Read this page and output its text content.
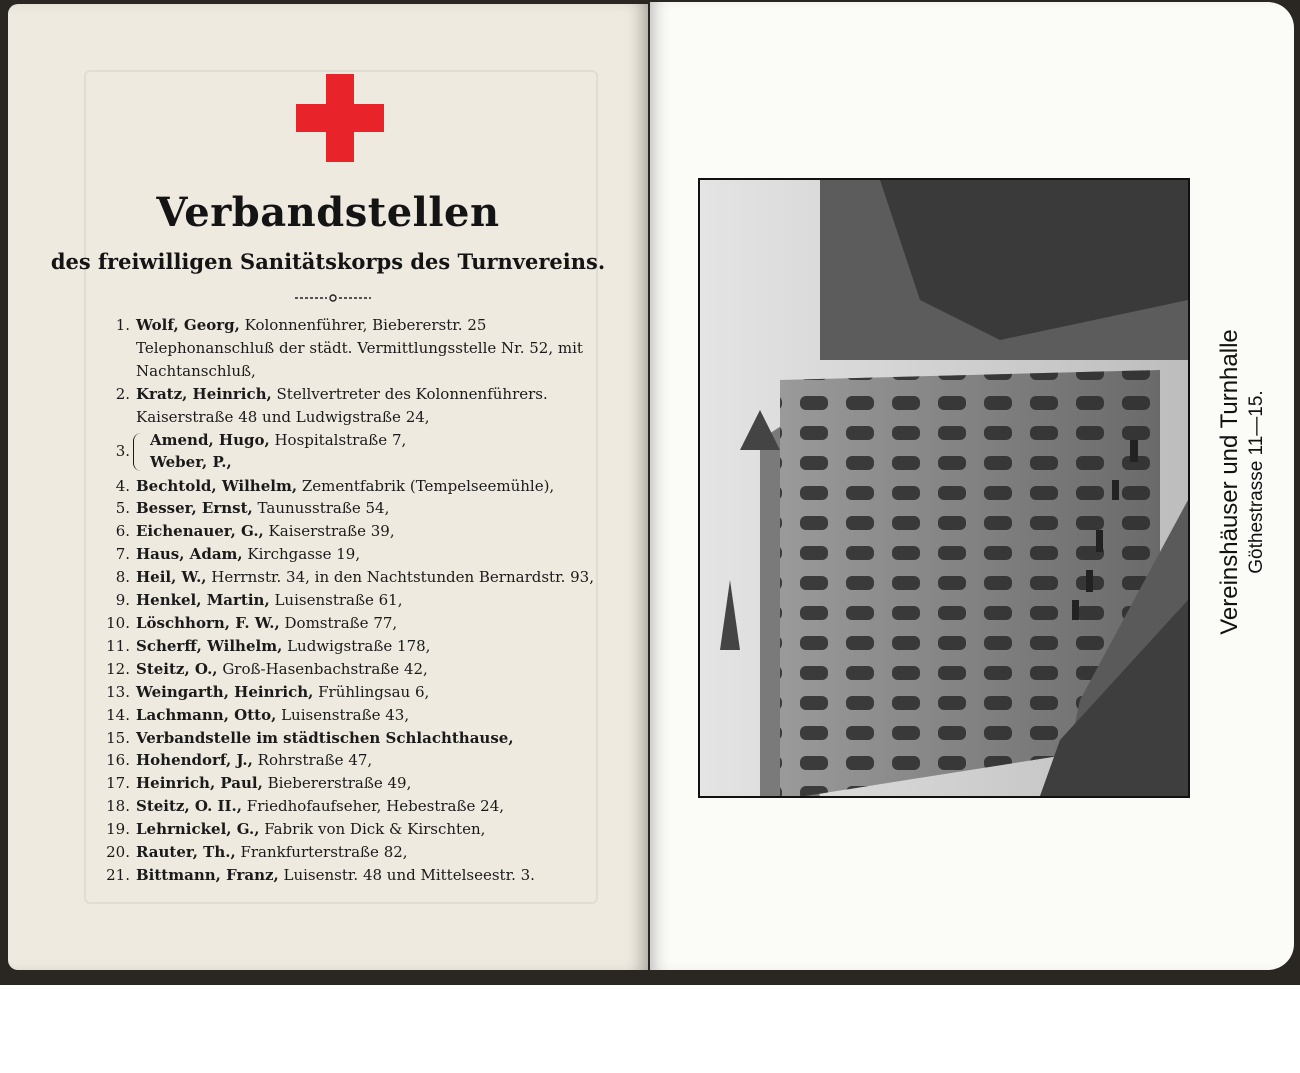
Verbandstellen
des freiwilligen Sanitätskorps des Turnvereins.
1. Wolf, Georg, Kolonnenführer, Biebererstr. 25 Telephonanschluß der städt. Vermittlungsstelle Nr. 52, mit Nachtanschluß,
2. Kratz, Heinrich, Stellvertreter des Kolonnenführers. Kaiserstraße 48 und Ludwigstraße 24,
3.
Amend, Hugo, Hospitalstraße 7,
Weber, P.,
4. Bechtold, Wilhelm, Zementfabrik (Tempelseemühle),
5. Besser, Ernst, Taunusstraße 54,
6. Eichenauer, G., Kaiserstraße 39,
7. Haus, Adam, Kirchgasse 19,
8. Heil, W., Herrnstr. 34, in den Nachtstunden Bernardstr. 93,
9. Henkel, Martin, Luisenstraße 61,
10. Löschhorn, F. W., Domstraße 77,
11. Scherff, Wilhelm, Ludwigstraße 178,
12. Steitz, O., Groß-Hasenbachstraße 42,
13. Weingarth, Heinrich, Frühlingsau 6,
14. Lachmann, Otto, Luisenstraße 43,
15. Verbandstelle im städtischen Schlachthause,
16. Hohendorf, J., Rohrstraße 47,
17. Heinrich, Paul, Biebererstraße 49,
18. Steitz, O. II., Friedhofaufseher, Hebestraße 24,
19. Lehrnickel, G., Fabrik von Dick & Kirschten,
20. Rauter, Th., Frankfurterstraße 82,
21. Bittmann, Franz, Luisenstr. 48 und Mittelseestr. 3.
Vereinshäuser und Turnhalle Göthestrasse 11—15.
